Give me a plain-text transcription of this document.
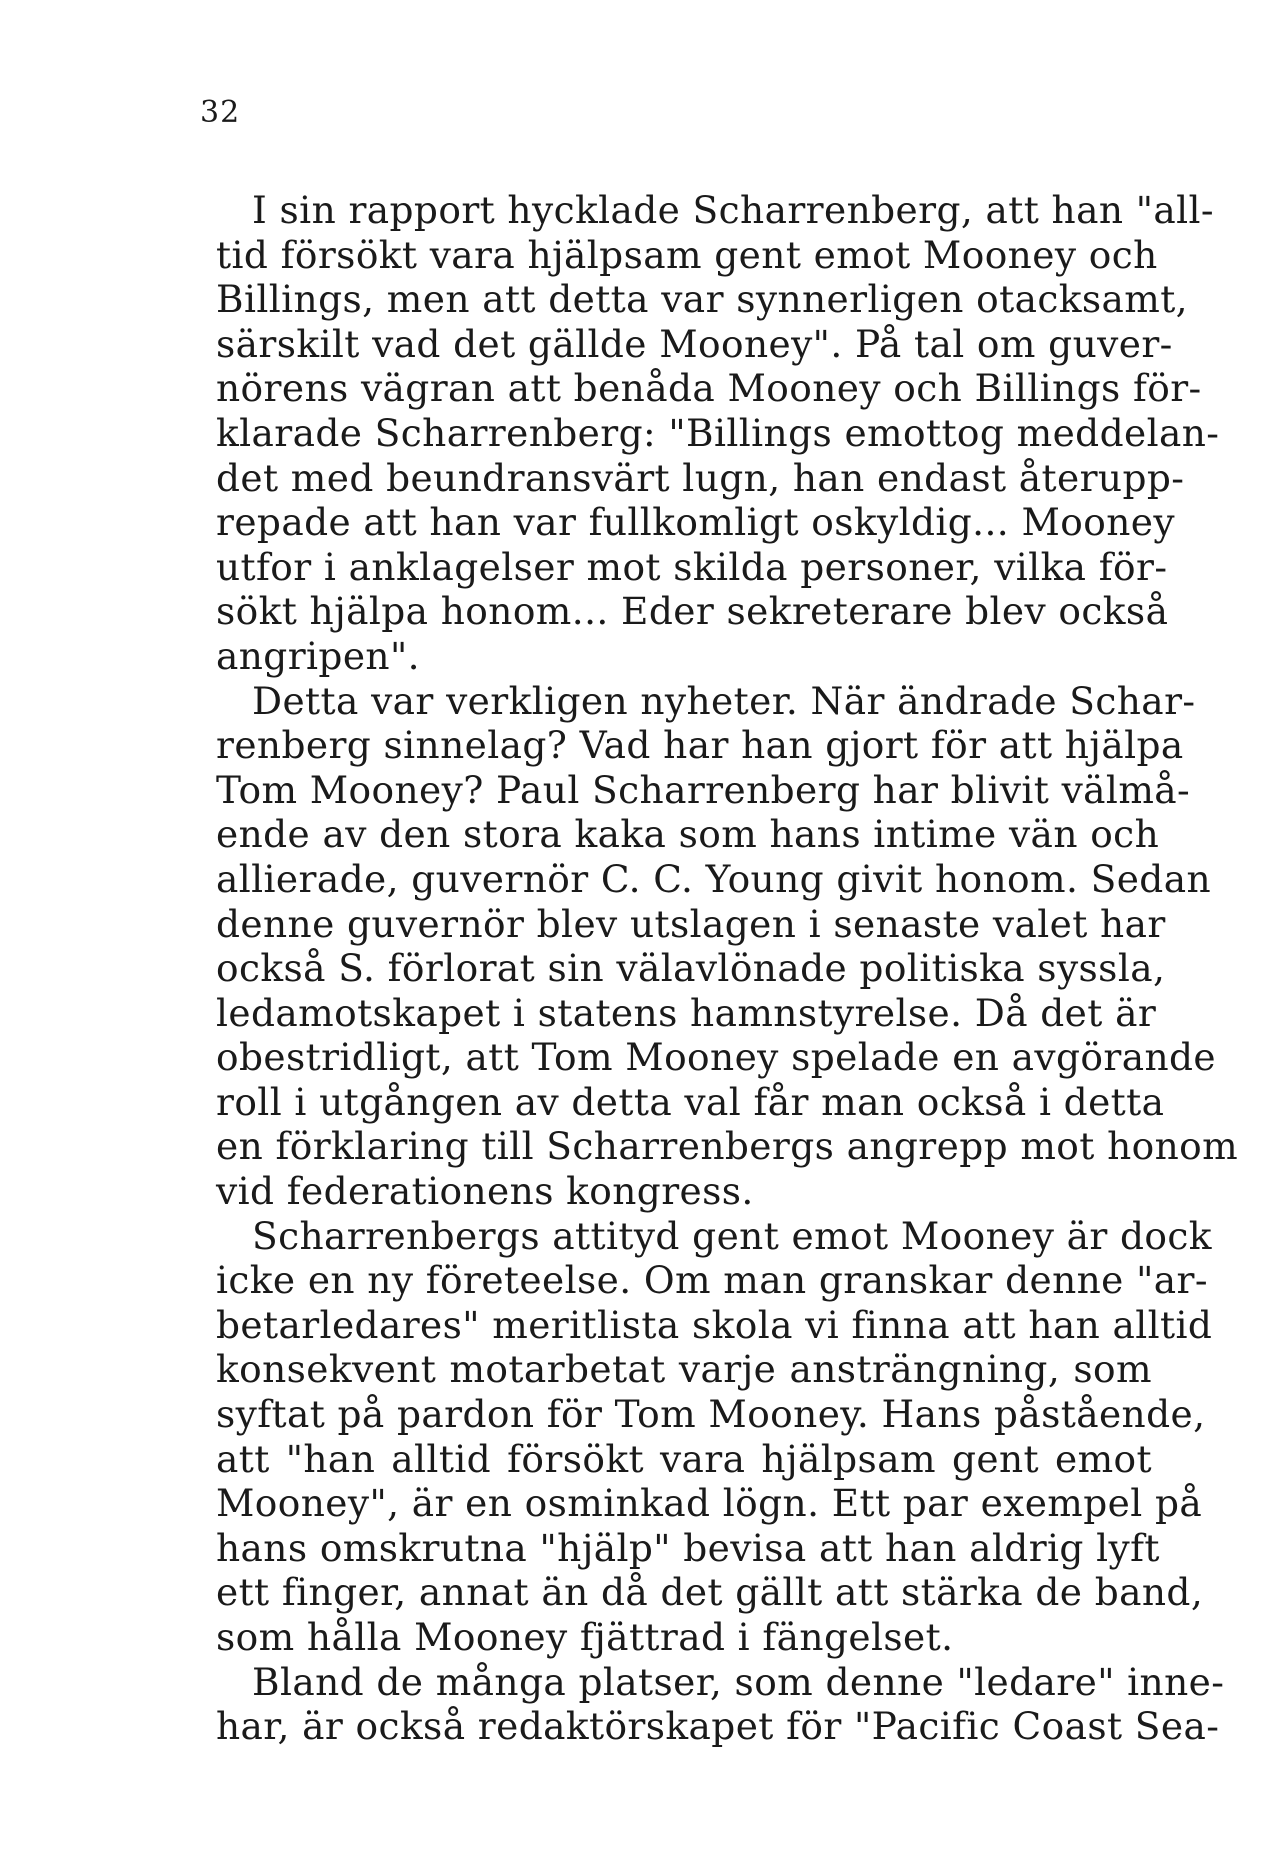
32
I sin rapport hycklade Scharrenberg, att han "all-
tid försökt vara hjälpsam gent emot Mooney och
Billings, men att detta var synnerligen otacksamt,
särskilt vad det gällde Mooney". På tal om guver-
nörens vägran att benåda Mooney och Billings för-
klarade Scharrenberg: "Billings emottog meddelan-
det med beundransvärt lugn, han endast återupp-
repade att han var fullkomligt oskyldig... Mooney
utfor i anklagelser mot skilda personer, vilka för-
sökt hjälpa honom... Eder sekreterare blev också
angripen".
Detta var verkligen nyheter. När ändrade Schar-
renberg sinnelag? Vad har han gjort för att hjälpa
Tom Mooney? Paul Scharrenberg har blivit välmå-
ende av den stora kaka som hans intime vän och
allierade, guvernör C. C. Young givit honom. Sedan
denne guvernör blev utslagen i senaste valet har
också S. förlorat sin välavlönade politiska syssla,
ledamotskapet i statens hamnstyrelse. Då det är
obestridligt, att Tom Mooney spelade en avgörande
roll i utgången av detta val får man också i detta
en förklaring till Scharrenbergs angrepp mot honom
vid federationens kongress.
Scharrenbergs attityd gent emot Mooney är dock
icke en ny företeelse. Om man granskar denne "ar-
betarledares" meritlista skola vi finna att han alltid
konsekvent motarbetat varje ansträngning, som
syftat på pardon för Tom Mooney. Hans påstående,
att "han alltid försökt vara hjälpsam gent emot
Mooney", är en osminkad lögn. Ett par exempel på
hans omskrutna "hjälp" bevisa att han aldrig lyft
ett finger, annat än då det gällt att stärka de band,
som hålla Mooney fjättrad i fängelset.
Bland de många platser, som denne "ledare" inne-
har, är också redaktörskapet för "Pacific Coast Sea-
